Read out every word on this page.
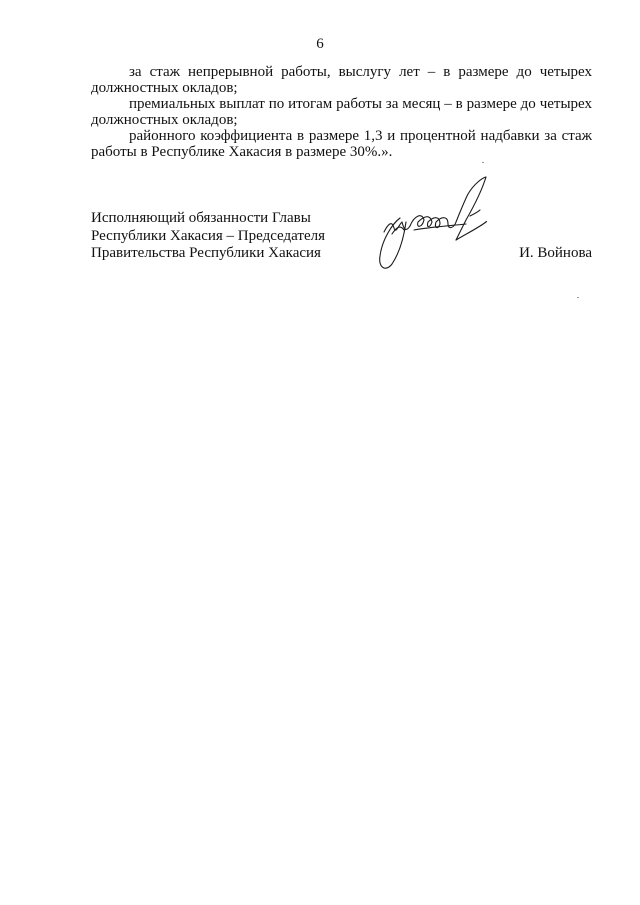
6

за стаж непрерывной работы, выслугу лет – в размере до четырех должностных окладов;

премиальных выплат по итогам работы за месяц – в размере до четырех должностных окладов;

районного коэффициента в размере 1,3 и процентной надбавки за стаж работы в Республике Хакасия в размере 30%.».

Исполняющий обязанности Главы
Республики Хакасия – Председателя
Правительства Республики Хакасия	И. Войнова
